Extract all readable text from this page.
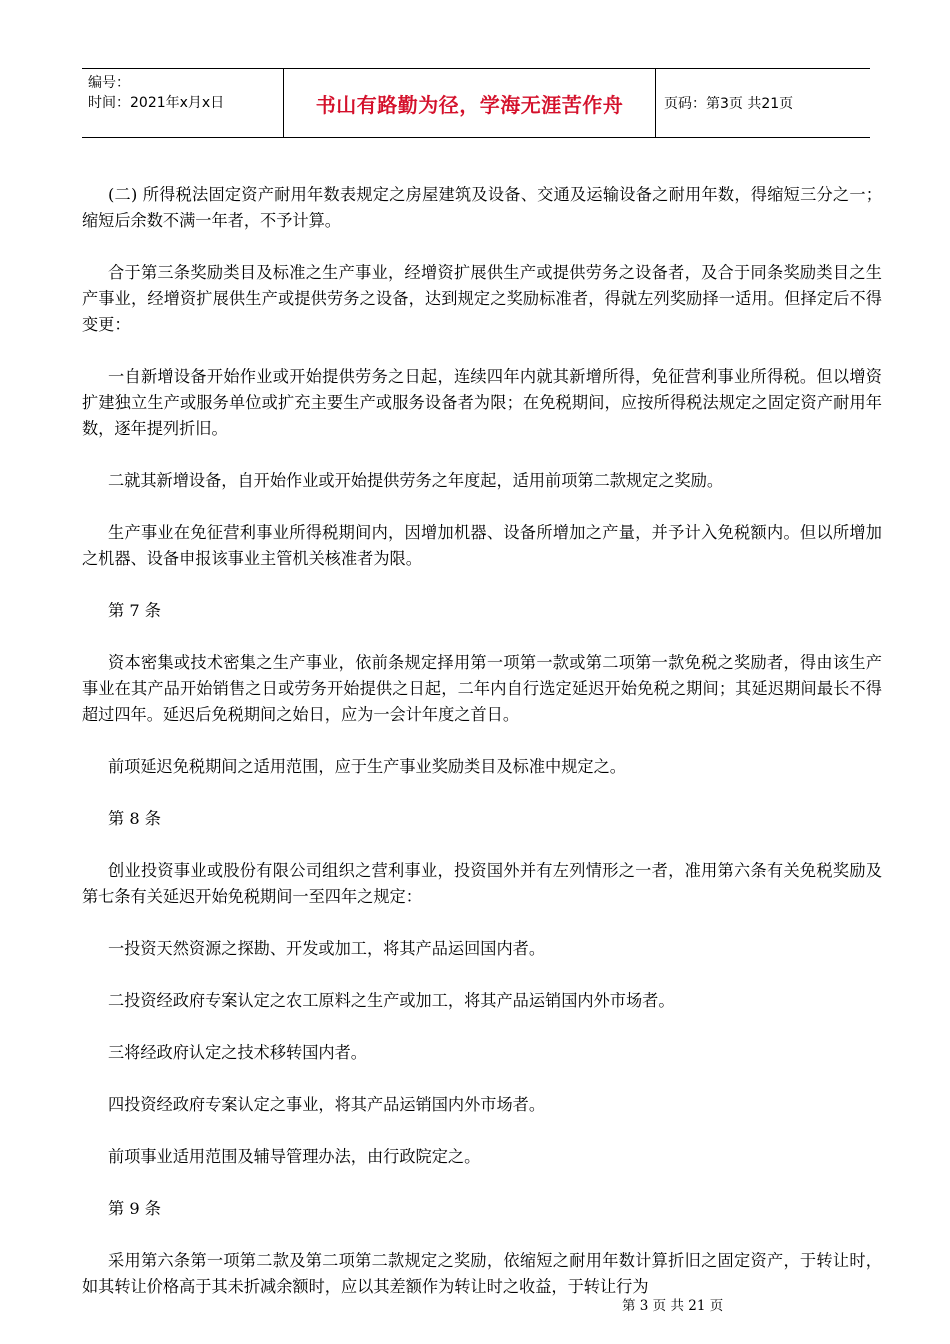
编号：
时间：2021年x月x日	书山有路勤为径，学海无涯苦作舟	页码：第3页 共21页

(二) 所得税法固定资产耐用年数表规定之房屋建筑及设备、交通及运输设备之耐用年数，得缩短三分之一；缩短后余数不满一年者，不予计算。

合于第三条奖励类目及标准之生产事业，经增资扩展供生产或提供劳务之设备者，及合于同条奖励类目之生产事业，经增资扩展供生产或提供劳务之设备，达到规定之奖励标准者，得就左列奖励择一适用。但择定后不得变更：

一自新增设备开始作业或开始提供劳务之日起，连续四年内就其新增所得，免征营利事业所得税。但以增资扩建独立生产或服务单位或扩充主要生产或服务设备者为限；在免税期间，应按所得税法规定之固定资产耐用年数，逐年提列折旧。

二就其新增设备，自开始作业或开始提供劳务之年度起，适用前项第二款规定之奖励。

生产事业在免征营利事业所得税期间内，因增加机器、设备所增加之产量，并予计入免税额内。但以所增加之机器、设备申报该事业主管机关核准者为限。

第 7 条

资本密集或技术密集之生产事业，依前条规定择用第一项第一款或第二项第一款免税之奖励者，得由该生产事业在其产品开始销售之日或劳务开始提供之日起，二年内自行选定延迟开始免税之期间；其延迟期间最长不得超过四年。延迟后免税期间之始日，应为一会计年度之首日。

前项延迟免税期间之适用范围，应于生产事业奖励类目及标准中规定之。

第 8 条

创业投资事业或股份有限公司组织之营利事业，投资国外并有左列情形之一者，准用第六条有关免税奖励及第七条有关延迟开始免税期间一至四年之规定：

一投资天然资源之探勘、开发或加工，将其产品运回国内者。

二投资经政府专案认定之农工原料之生产或加工，将其产品运销国内外市场者。

三将经政府认定之技术移转国内者。

四投资经政府专案认定之事业，将其产品运销国内外市场者。

前项事业适用范围及辅导管理办法，由行政院定之。

第 9 条

采用第六条第一项第二款及第二项第二款规定之奖励，依缩短之耐用年数计算折旧之固定资产，于转让时，如其转让价格高于其未折减余额时，应以其差额作为转让时之收益，于转让行为

第 3 页 共 21 页
